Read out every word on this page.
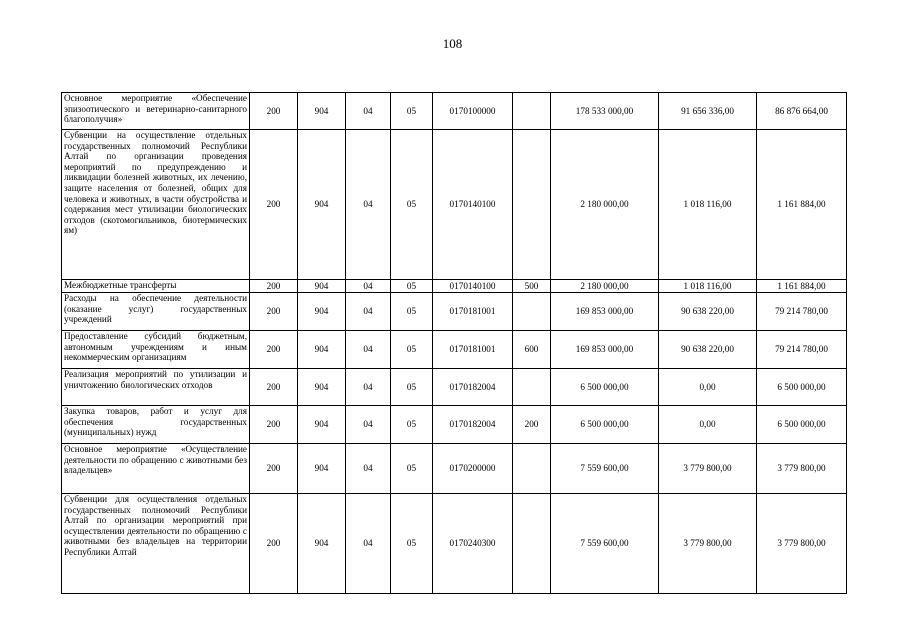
108
Основное мероприятие «Обеспечение эпизоотического и ветеринарно-санитарного благополучия»	200	904	04	05	0170100000		178 533 000,00	91 656 336,00	86 876 664,00
Субвенции на осуществление отдельных государственных полномочий Республики Алтай по организации проведения мероприятий по предупреждению и ликвидации болезней животных, их лечению, защите населения от болезней, общих для человека и животных, в части обустройства и содержания мест утилизации биологических отходов (скотомогильников, биотермических ям)	200	904	04	05	0170140100		2 180 000,00	1 018 116,00	1 161 884,00
Межбюджетные трансферты	200	904	04	05	0170140100	500	2 180 000,00	1 018 116,00	1 161 884,00
Расходы на обеспечение деятельности (оказание услуг) государственных учреждений	200	904	04	05	0170181001		169 853 000,00	90 638 220,00	79 214 780,00
Предоставление субсидий бюджетным, автономным учреждениям и иным некоммерческим организациям	200	904	04	05	0170181001	600	169 853 000,00	90 638 220,00	79 214 780,00
Реализация мероприятий по утилизации и уничтожению биологических отходов	200	904	04	05	0170182004		6 500 000,00	0,00	6 500 000,00
Закупка товаров, работ и услуг для обеспечения государственных (муниципальных) нужд	200	904	04	05	0170182004	200	6 500 000,00	0,00	6 500 000,00
Основное мероприятие «Осуществление деятельности по обращению с животными без владельцев»	200	904	04	05	0170200000		7 559 600,00	3 779 800,00	3 779 800,00
Субвенции для осуществления отдельных государственных полномочий Республики Алтай по организации мероприятий при осуществлении деятельности по обращению с животными без владельцев на территории Республики Алтай	200	904	04	05	0170240300		7 559 600,00	3 779 800,00	3 779 800,00
